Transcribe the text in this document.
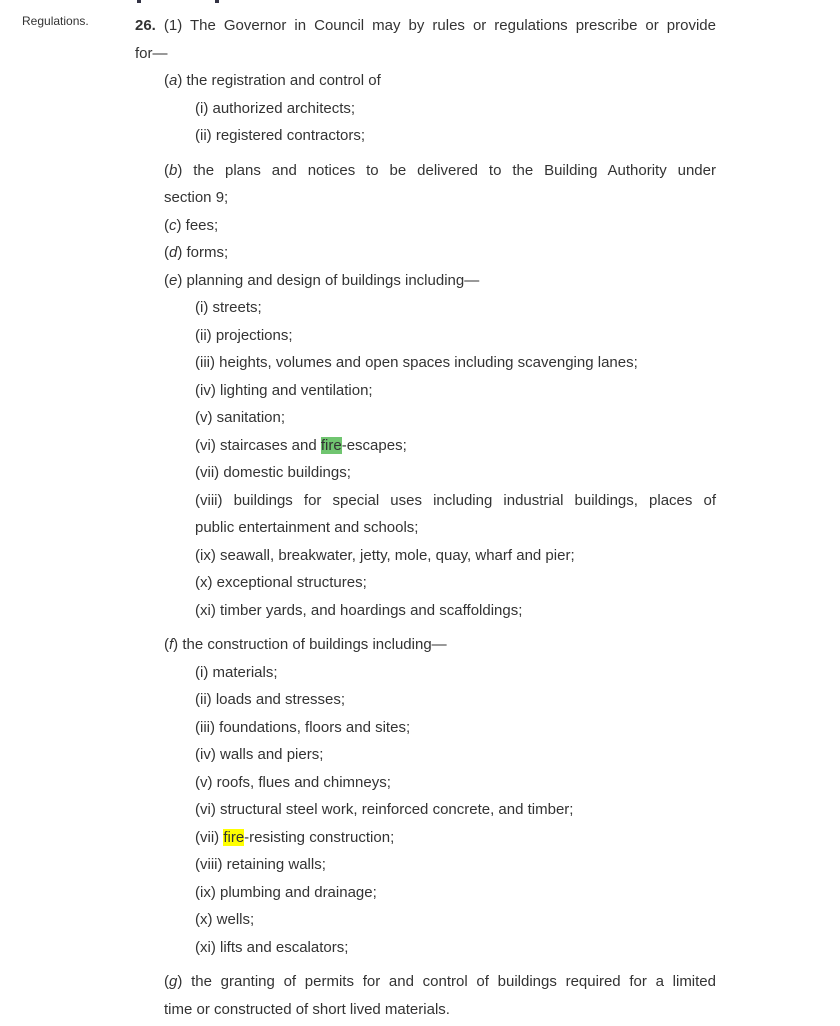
Regulations.	26. (1) The Governor in Council may by rules or regulations prescribe or provide
for—
(a) the registration and control of
(i) authorized architects;
(ii) registered contractors;
(b) the plans and notices to be delivered to the Building Authority under
section 9;
(c) fees;
(d) forms;
(e) planning and design of buildings including—
(i) streets;
(ii) projections;
(iii) heights, volumes and open spaces including scavenging lanes;
(iv) lighting and ventilation;
(v) sanitation;
(vi) staircases and fire-escapes;
(vii) domestic buildings;
(viii) buildings for special uses including industrial buildings, places of
public entertainment and schools;
(ix) seawall, breakwater, jetty, mole, quay, wharf and pier;
(x) exceptional structures;
(xi) timber yards, and hoardings and scaffoldings;
(f) the construction of buildings including—
(i) materials;
(ii) loads and stresses;
(iii) foundations, floors and sites;
(iv) walls and piers;
(v) roofs, flues and chimneys;
(vi) structural steel work, reinforced concrete, and timber;
(vii) fire-resisting construction;
(viii) retaining walls;
(ix) plumbing and drainage;
(x) wells;
(xi) lifts and escalators;
(g) the granting of permits for and control of buildings required for a limited
time or constructed of short lived materials.
